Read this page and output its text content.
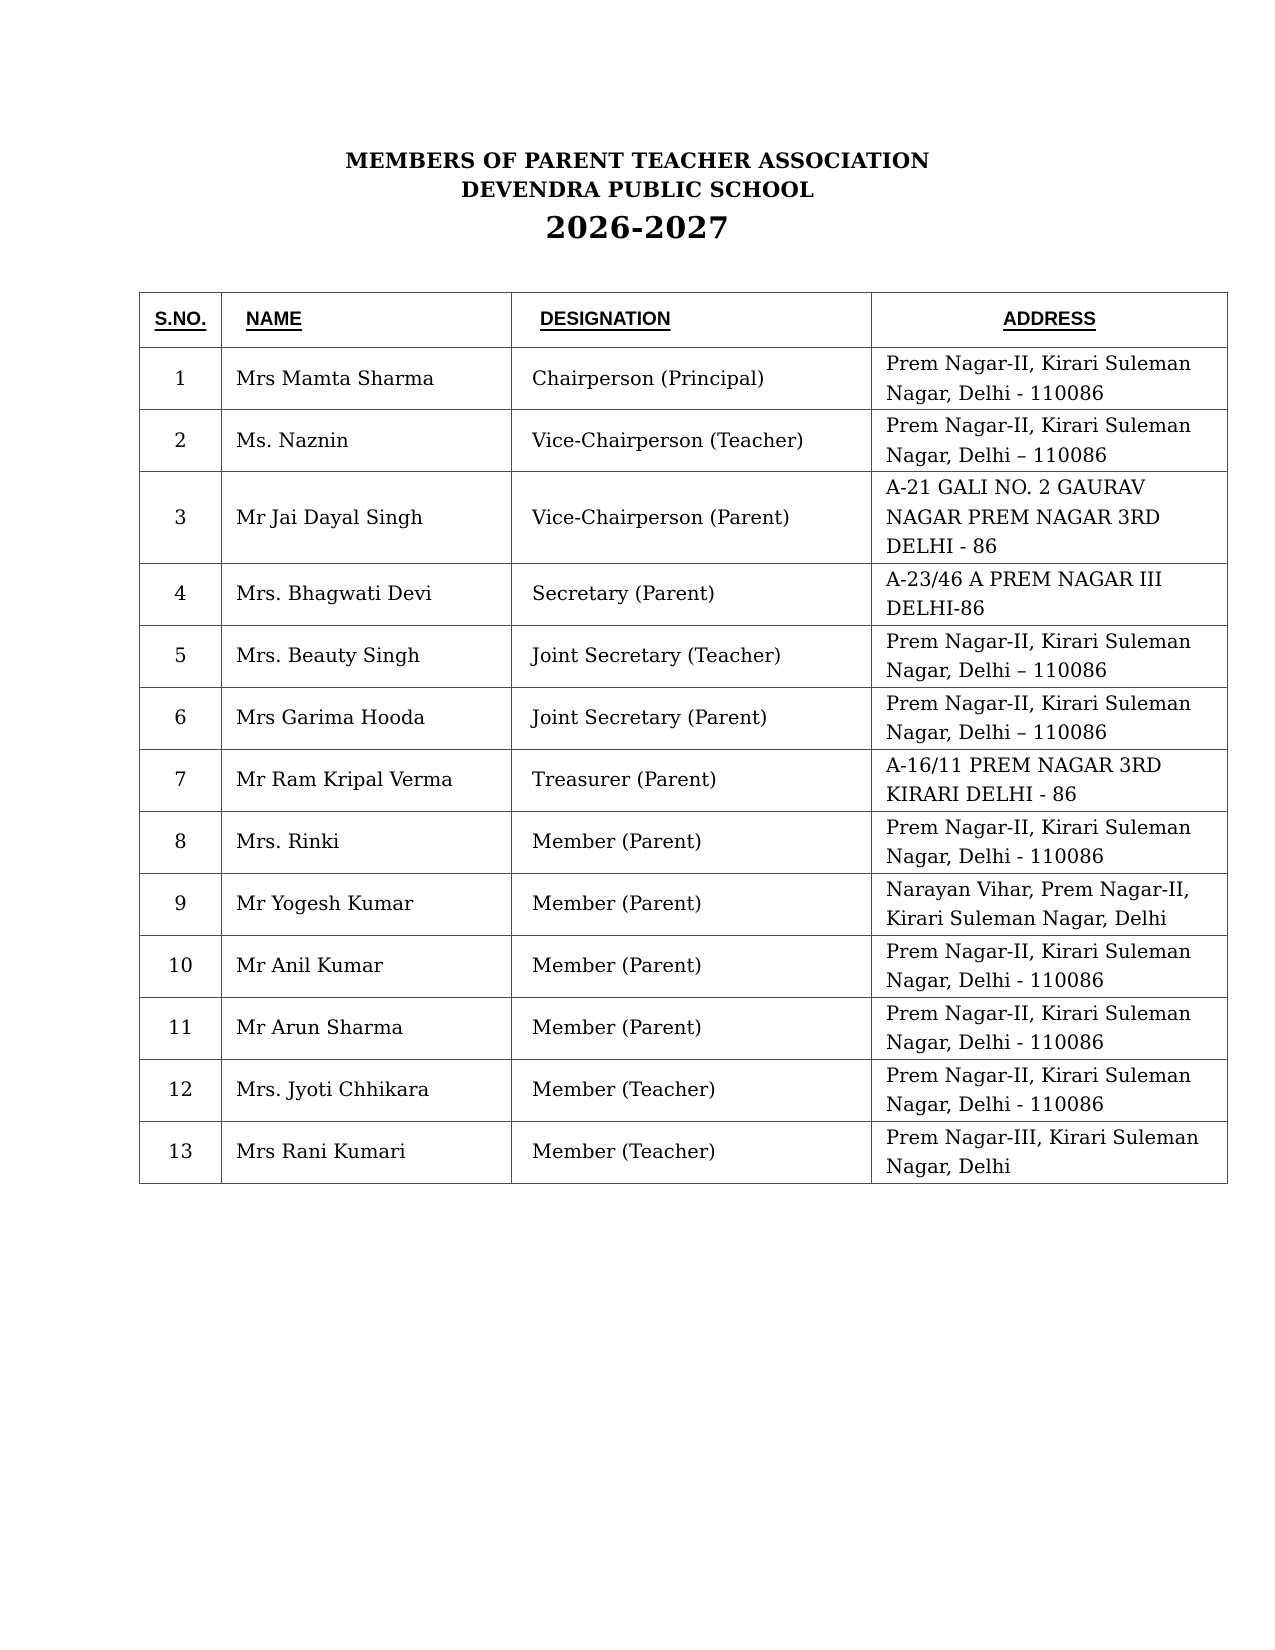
MEMBERS OF PARENT TEACHER ASSOCIATION
DEVENDRA PUBLIC SCHOOL
2026-2027
S.NO.	NAME	DESIGNATION	ADDRESS
1	Mrs Mamta Sharma	Chairperson (Principal)	Prem Nagar-II, Kirari Suleman Nagar, Delhi - 110086
2	Ms. Naznin	Vice-Chairperson (Teacher)	Prem Nagar-II, Kirari Suleman Nagar, Delhi – 110086
3	Mr Jai Dayal Singh	Vice-Chairperson (Parent)	A-21 GALI NO. 2 GAURAV NAGAR PREM NAGAR 3RD DELHI - 86
4	Mrs. Bhagwati Devi	Secretary (Parent)	A-23/46 A PREM NAGAR III DELHI-86
5	Mrs. Beauty Singh	Joint Secretary (Teacher)	Prem Nagar-II, Kirari Suleman Nagar, Delhi – 110086
6	Mrs Garima Hooda	Joint Secretary (Parent)	Prem Nagar-II, Kirari Suleman Nagar, Delhi – 110086
7	Mr Ram Kripal Verma	Treasurer (Parent)	A-16/11 PREM NAGAR 3RD KIRARI DELHI - 86
8	Mrs. Rinki	Member (Parent)	Prem Nagar-II, Kirari Suleman Nagar, Delhi - 110086
9	Mr Yogesh Kumar	Member (Parent)	Narayan Vihar, Prem Nagar-II, Kirari Suleman Nagar, Delhi
10	Mr Anil Kumar	Member (Parent)	Prem Nagar-II, Kirari Suleman Nagar, Delhi - 110086
11	Mr Arun Sharma	Member (Parent)	Prem Nagar-II, Kirari Suleman Nagar, Delhi - 110086
12	Mrs. Jyoti Chhikara	Member (Teacher)	Prem Nagar-II, Kirari Suleman Nagar, Delhi - 110086
13	Mrs Rani Kumari	Member (Teacher)	Prem Nagar-III, Kirari Suleman Nagar, Delhi
